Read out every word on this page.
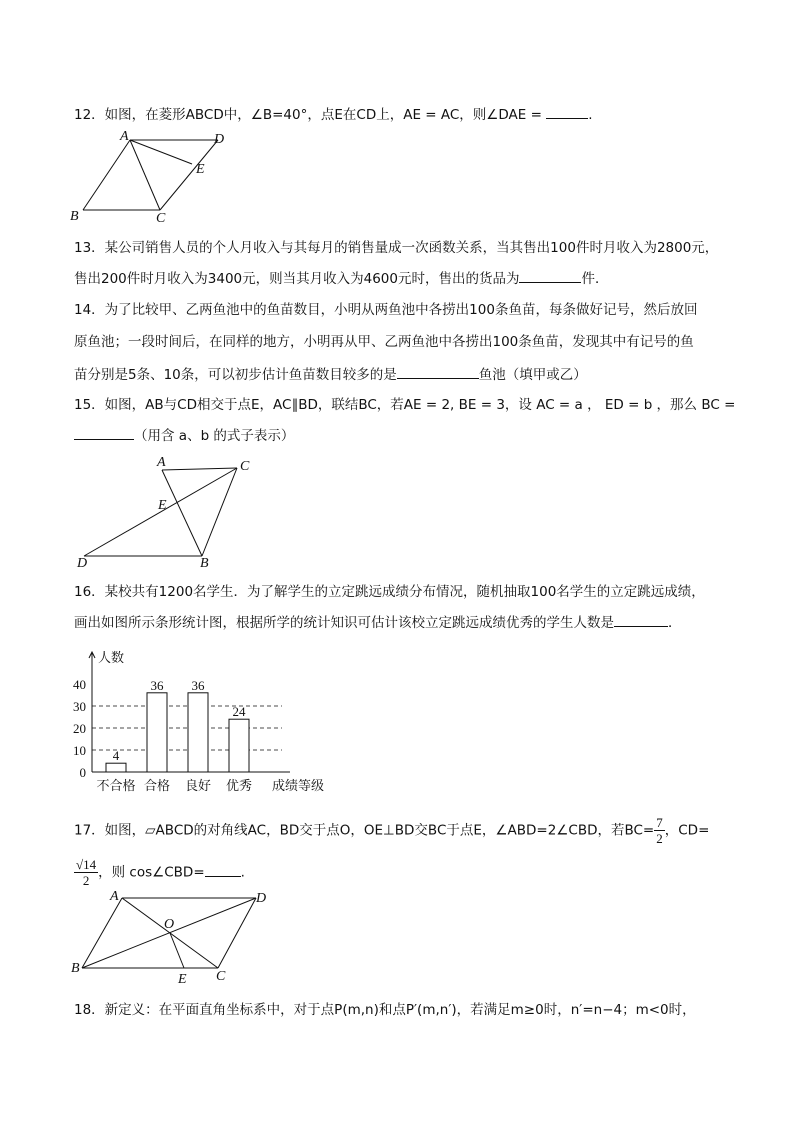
12．如图，在菱形ABCD中，∠B=40°，点E在CD上，AE = AC，则∠DAE =	.
A	D
E
B	C
13．某公司销售人员的个人月收入与其每月的销售量成一次函数关系，当其售出100件时月收入为2800元，
售出200件时月收入为3400元，则当其月收入为4600元时，售出的货品为	件．
14．为了比较甲、乙两鱼池中的鱼苗数目，小明从两鱼池中各捞出100条鱼苗，每条做好记号，然后放回
原鱼池；一段时间后，在同样的地方，小明再从甲、乙两鱼池中各捞出100条鱼苗，发现其中有记号的鱼
苗分别是5条、10条，可以初步估计鱼苗数目较多的是	鱼池（填甲或乙）
15．如图，AB与CD相交于点E，AC∥BD，联结BC，若AE = 2, BE = 3，设 AC = a ， ED = b ，那么 BC =
（用含 a、b 的式子表示）
A	C
E
D	B
16．某校共有1200名学生．为了解学生的立定跳远成绩分布情况，随机抽取100名学生的立定跳远成绩，
画出如图所示条形统计图，根据所学的统计知识可估计该校立定跳远成绩优秀的学生人数是	．
人数
0
10
20
30
40
4
不合格
36
合格
36
良好
24
优秀 成绩等级
17．如图，▱ABCD的对角线AC，BD交于点O，OE⊥BD交BC于点E，∠ABD=2∠CBD，若$BC= \frac{7}{2}$ ，CD=
$\frac{√14}{2}$ ，则 cos∠CBD=	.
A	D
O
B
E C
18．新定义：在平面直角坐标系中，对于点P(m,n)和点P′(m,n′)，若满足m≥0时，n′=n−4；m<0时，
